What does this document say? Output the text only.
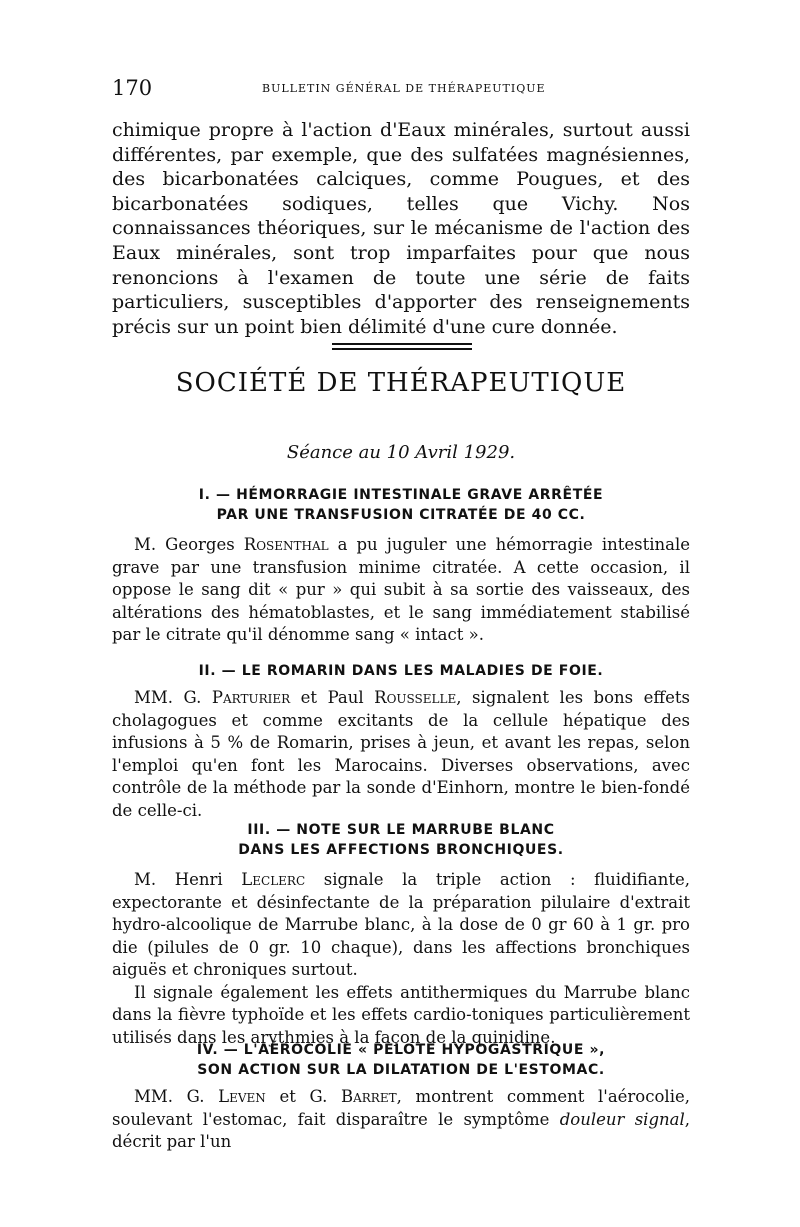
170	BULLETIN GÉNÉRAL DE THÉRAPEUTIQUE
chimique propre à l'action d'Eaux minérales, surtout aussi différentes, par exemple, que des sulfatées magnésiennes, des bicarbonatées calciques, comme Pougues, et des bicarbonatées sodiques, telles que Vichy. Nos connaissances théoriques, sur le mécanisme de l'action des Eaux minérales, sont trop imparfaites pour que nous renoncions à l'examen de toute une série de faits particuliers, susceptibles d'apporter des renseignements précis sur un point bien délimité d'une cure donnée.
SOCIÉTÉ DE THÉRAPEUTIQUE
Séance au 10 Avril 1929.
I. — HÉMORRAGIE INTESTINALE GRAVE ARRÊTÉE
PAR UNE TRANSFUSION CITRATÉE DE 40 CC.
M. Georges Rosenthal a pu juguler une hémorragie intestinale grave par une transfusion minime citratée. A cette occasion, il oppose le sang dit « pur » qui subit à sa sortie des vaisseaux, des altérations des hématoblastes, et le sang immédiatement stabilisé par le citrate qu'il dénomme sang « intact ».
II. — LE ROMARIN DANS LES MALADIES DE FOIE.
MM. G. Parturier et Paul Rousselle, signalent les bons effets cholagogues et comme excitants de la cellule hépatique des infusions à 5 % de Romarin, prises à jeun, et avant les repas, selon l'emploi qu'en font les Marocains. Diverses observations, avec contrôle de la méthode par la sonde d'Einhorn, montre le bien-fondé de celle-ci.
III. — NOTE SUR LE MARRUBE BLANC
DANS LES AFFECTIONS BRONCHIQUES.
M. Henri Leclerc signale la triple action : fluidifiante, expectorante et désinfectante de la préparation pilulaire d'extrait hydro-alcoolique de Marrube blanc, à la dose de 0 gr 60 à 1 gr. pro die (pilules de 0 gr. 10 chaque), dans les affections bronchiques aiguës et chroniques surtout.
Il signale également les effets antithermiques du Marrube blanc dans la fièvre typhoïde et les effets cardio-toniques particulièrement utilisés dans les arythmies à la façon de la quinidine.
IV. — L'AÉROCOLIE « PELOTE HYPOGASTRIQUE »,
SON ACTION SUR LA DILATATION DE L'ESTOMAC.
MM. G. Leven et G. Barret, montrent comment l'aérocolie, soulevant l'estomac, fait disparaître le symptôme douleur signal, décrit par l'un
